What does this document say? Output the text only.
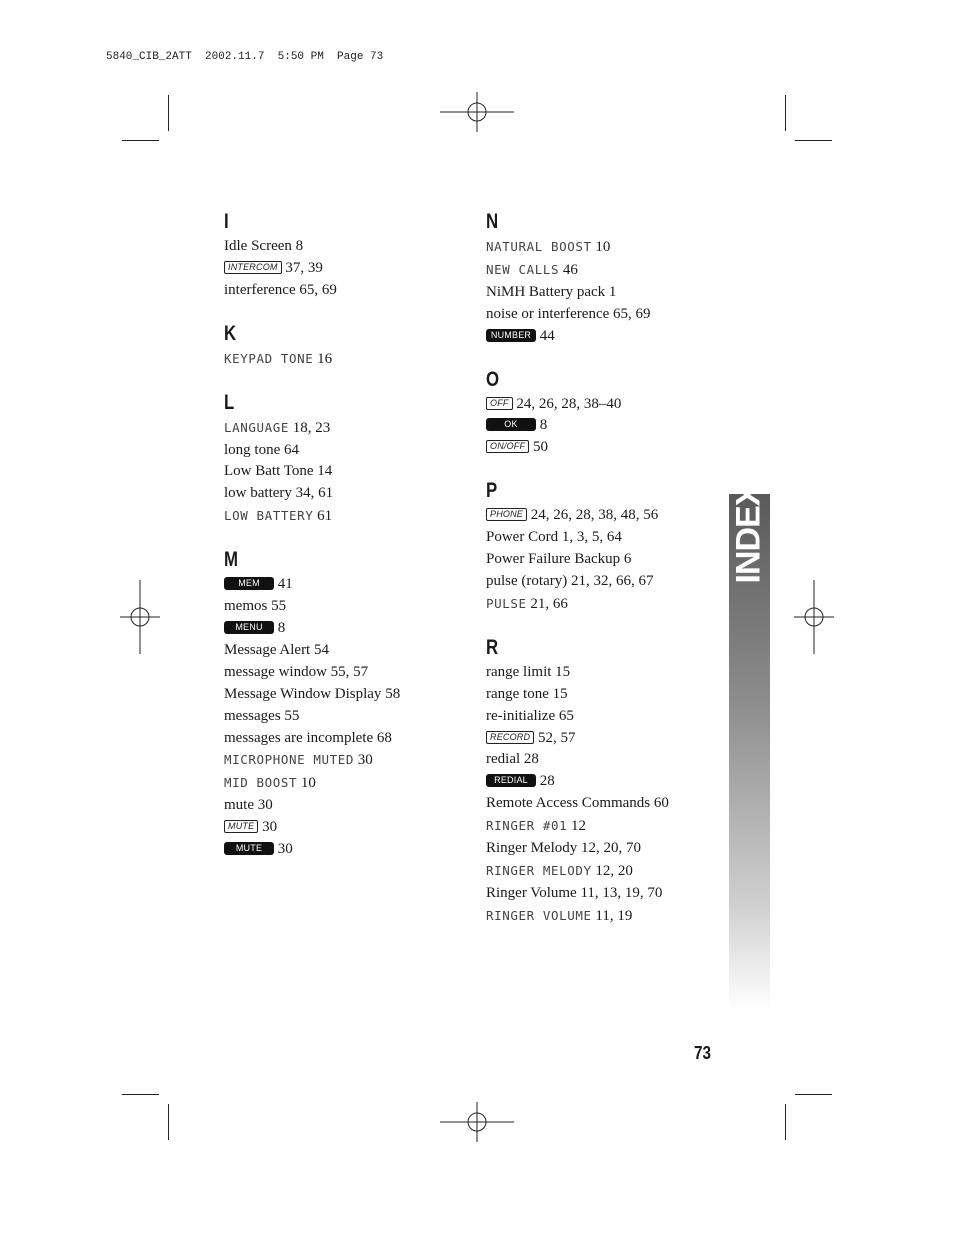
5840_CIB_2ATT  2002.11.7  5:50 PM  Page 73
I
Idle Screen 8
INTERCOM 37, 39
interference 65, 69
K
KEYPAD TONE 16
L
LANGUAGE 18, 23
long tone 64
Low Batt Tone 14
low battery 34, 61
LOW BATTERY 61
M
MEM 41
memos 55
MENU 8
Message Alert 54
message window 55, 57
Message Window Display 58
messages 55
messages are incomplete 68
MICROPHONE MUTED 30
MID BOOST 10
mute 30
MUTE 30
MUTE 30
N
NATURAL BOOST 10
NEW CALLS 46
NiMH Battery pack 1
noise or interference 65, 69
NUMBER 44
O
OFF 24, 26, 28, 38–40
OK 8
ON/OFF 50
P
PHONE 24, 26, 28, 38, 48, 56
Power Cord 1, 3, 5, 64
Power Failure Backup 6
pulse (rotary) 21, 32, 66, 67
PULSE 21, 66
R
range limit 15
range tone 15
re-initialize 65
RECORD 52, 57
redial 28
REDIAL 28
Remote Access Commands 60
RINGER #01 12
Ringer Melody 12, 20, 70
RINGER MELODY 12, 20
Ringer Volume 11, 13, 19, 70
RINGER VOLUME 11, 19
INDEX
73
